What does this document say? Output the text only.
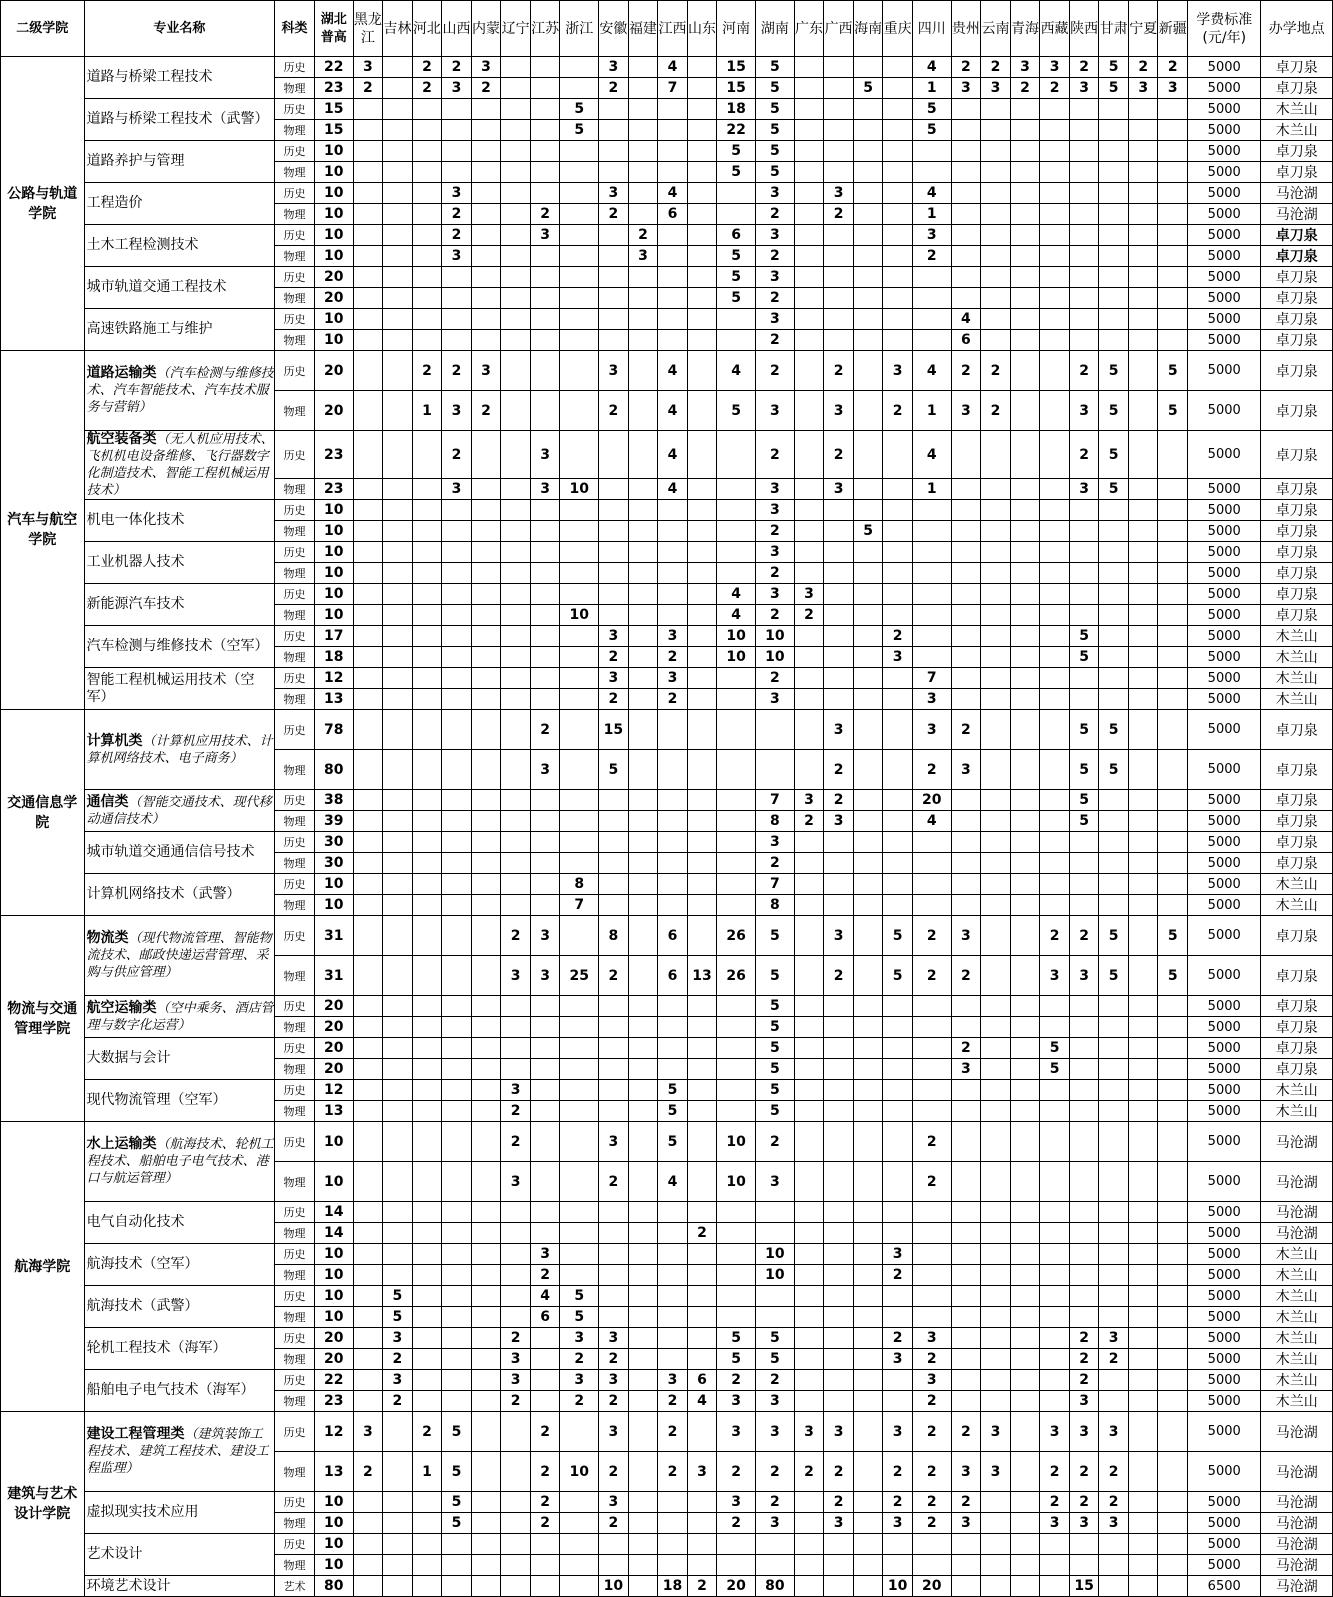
二级学院	专业名称	科类	湖北普高	黑龙江	吉林	河北	山西	内蒙	辽宁	江苏	浙江	安徽	福建	江西	山东	河南	湖南	广东	广西	海南	重庆	四川	贵州	云南	青海	西藏	陕西	甘肃	宁夏	新疆	学费标准(元/年)	办学地点
公路与轨道学院	道路与桥梁工程技术	历史	22	3		2	2	3				3		4		15	5					4	2	2	3	3	2	5	2	2	5000	卓刀泉
		物理	23	2		2	3	2				2		7		15	5			5		1	3	3	2	2	3	5	3	3	5000	卓刀泉
	道路与桥梁工程技术（武警）	历史	15								5					18	5					5									5000	木兰山
		物理	15								5					22	5					5									5000	木兰山
	道路养护与管理	历史	10													5	5														5000	卓刀泉
		物理	10													5	5														5000	卓刀泉
	工程造价	历史	10				3					3		4			3		3			4									5000	马沧湖
		物理	10				2			2		2		6			2		2			1									5000	马沧湖
	土木工程检测技术	历史	10				2			3			2			6	3					3									5000	卓刀泉
		物理	10				3						3			5	2					2									5000	卓刀泉
	城市轨道交通工程技术	历史	20													5	3														5000	卓刀泉
		物理	20													5	2														5000	卓刀泉
	高速铁路施工与维护	历史	10														3						4								5000	卓刀泉
		物理	10														2						6								5000	卓刀泉
汽车与航空学院	道路运输类（汽车检测与维修技术、汽车智能技术、汽车技术服务与营销）	历史	20			2	2	3				3		4		4	2		2		3	4	2	2			2	5		5	5000	卓刀泉
		物理	20			1	3	2				2		4		5	3		3		2	1	3	2			3	5		5	5000	卓刀泉
	航空装备类（无人机应用技术、飞机机电设备维修、飞行器数字化制造技术、智能工程机械运用技术）	历史	23				2			3				4			2		2			4					2	5			5000	卓刀泉
		物理	23				3			3	10			4			3		3			1					3	5			5000	卓刀泉
	机电一体化技术	历史	10														3														5000	卓刀泉
		物理	10														2			5											5000	卓刀泉
	工业机器人技术	历史	10														3														5000	卓刀泉
		物理	10														2														5000	卓刀泉
	新能源汽车技术	历史	10													4	3	3													5000	卓刀泉
		物理	10								10					4	2	2													5000	卓刀泉
	汽车检测与维修技术（空军）	历史	17									3		3		10	10				2						5				5000	木兰山
		物理	18									2		2		10	10				3						5				5000	木兰山
	智能工程机械运用技术（空军）	历史	12									3		3			2					7									5000	木兰山
		物理	13									2		2			3					3									5000	木兰山
交通信息学院	计算机类（计算机应用技术、计算机网络技术、电子商务）	历史	78							2		15							3			3	2				5	5			5000	卓刀泉
		物理	80							3		5							2			2	3				5	5			5000	卓刀泉
	通信类（智能交通技术、现代移动通信技术）	历史	38														7	3	2			20					5				5000	卓刀泉
		物理	39														8	2	3			4					5				5000	卓刀泉
	城市轨道交通通信信号技术	历史	30														3														5000	卓刀泉
		物理	30														2														5000	卓刀泉
	计算机网络技术（武警）	历史	10								8						7														5000	木兰山
		物理	10								7						8														5000	木兰山
物流与交通管理学院	物流类（现代物流管理、智能物流技术、邮政快递运营管理、采购与供应管理）	历史	31						2	3		8		6		26	5		3		5	2	3			2	2	5		5	5000	卓刀泉
		物理	31						3	3	25	2		6	13	26	5		2		5	2	2			3	3	5		5	5000	卓刀泉
	航空运输类（空中乘务、酒店管理与数字化运营）	历史	20														5														5000	卓刀泉
		物理	20														5														5000	卓刀泉
	大数据与会计	历史	20														5						2			5					5000	卓刀泉
		物理	20														5						3			5					5000	卓刀泉
	现代物流管理（空军）	历史	12						3					5			5														5000	木兰山
		物理	13						2					5			5														5000	木兰山
航海学院	水上运输类（航海技术、轮机工程技术、船舶电子电气技术、港口与航运管理）	历史	10						2			3		5		10	2					2									5000	马沧湖
		物理	10						3			2		4		10	3					2									5000	马沧湖
	电气自动化技术	历史	14																												5000	马沧湖
		物理	14												2																5000	马沧湖
	航海技术（空军）	历史	10							3							10				3										5000	木兰山
		物理	10							2							10				2										5000	木兰山
	航海技术（武警）	历史	10		5					4	5																				5000	木兰山
		物理	10		5					6	5																				5000	木兰山
	轮机工程技术（海军）	历史	20		3				2		3	3				5	5				2	3					2	3			5000	木兰山
		物理	20		2				3		2	2				5	5				3	2					2	2			5000	木兰山
	船舶电子电气技术（海军）	历史	22		3				3		3	3		3	6	2	2					3					2				5000	木兰山
		物理	23		2				2		2	2		2	4	3	3					2					3				5000	木兰山
建筑与艺术设计学院	建设工程管理类（建筑装饰工程技术、建筑工程技术、建设工程监理）	历史	12	3		2	5			2		3		2		3	3	3	3		3	2	2	3		3	3	3			5000	马沧湖
		物理	13	2		1	5			2	10	2		2	3	2	2	2	2		2	2	3	3		2	2	2			5000	马沧湖
	虚拟现实技术应用	历史	10				5			2		3				3	2		2		2	2	2			2	2	2			5000	马沧湖
		物理	10				5			2		2				2	3		3		3	2	3			3	3	3			5000	马沧湖
	艺术设计	历史	10																												5000	马沧湖
		物理	10																												5000	马沧湖
	环境艺术设计	艺术	80									10		18	2	20	80				10	20					15				6500	马沧湖
